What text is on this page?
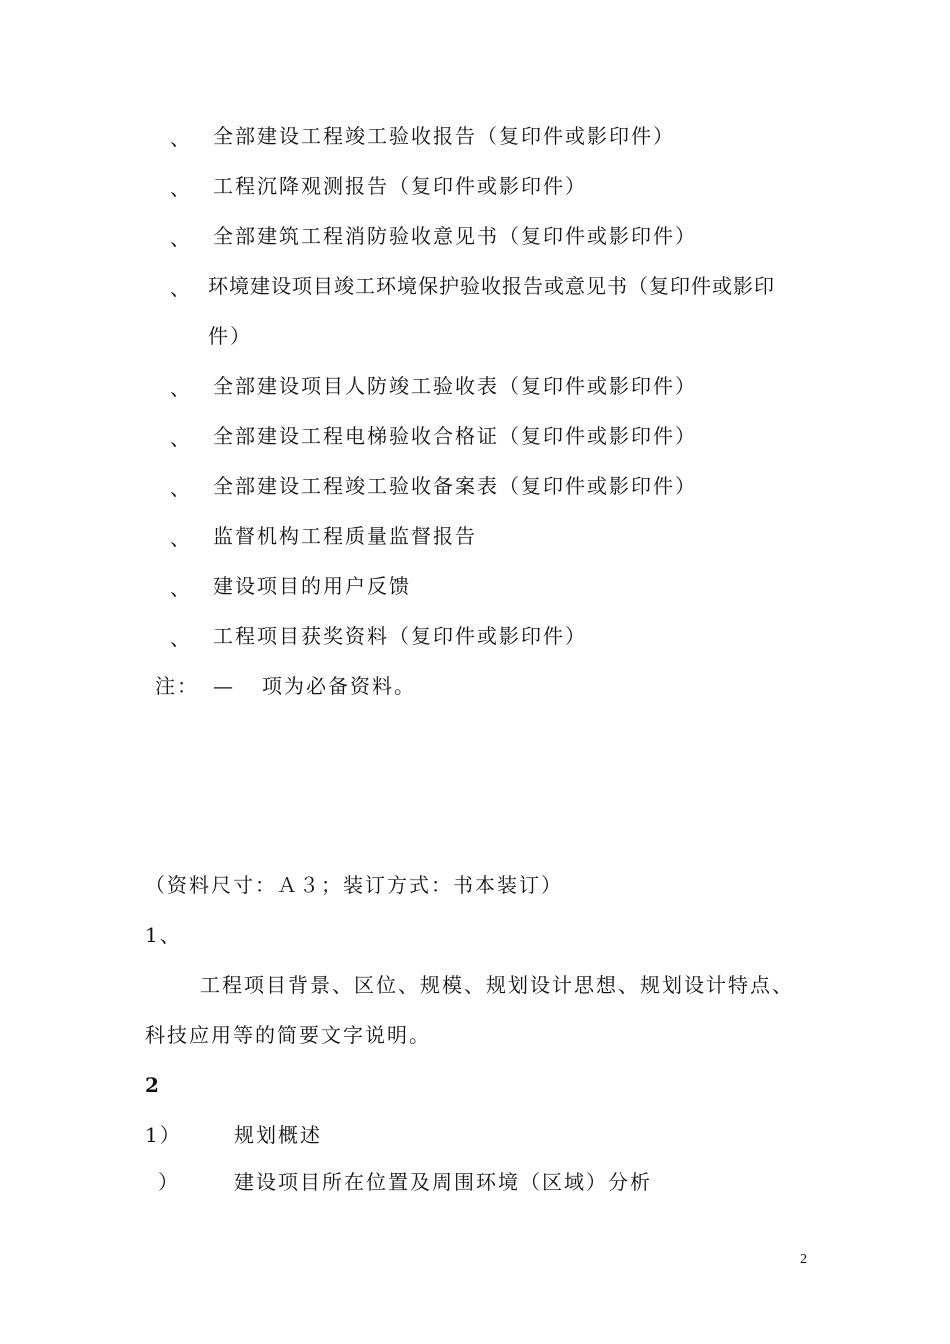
、 全部建设工程竣工验收报告（复印件或影印件）
、 工程沉降观测报告（复印件或影印件）
、 全部建筑工程消防验收意见书（复印件或影印件）
、 环境建设项目竣工环境保护验收报告或意见书（复印件或影印
件）
、 全部建设项目人防竣工验收表（复印件或影印件）
、 全部建设工程电梯验收合格证（复印件或影印件）
、 全部建设工程竣工验收备案表（复印件或影印件）
、 监督机构工程质量监督报告
、 建设项目的用户反馈
、 工程项目获奖资料（复印件或影印件）
注： — 项为必备资料。
（资料尺寸：Ａ３；装订方式：书本装订）
1、
工程项目背景、区位、规模、规划设计思想、规划设计特点、
科技应用等的简要文字说明。
2
1）	规划概述
）	建设项目所在位置及周围环境（区域）分析
2
